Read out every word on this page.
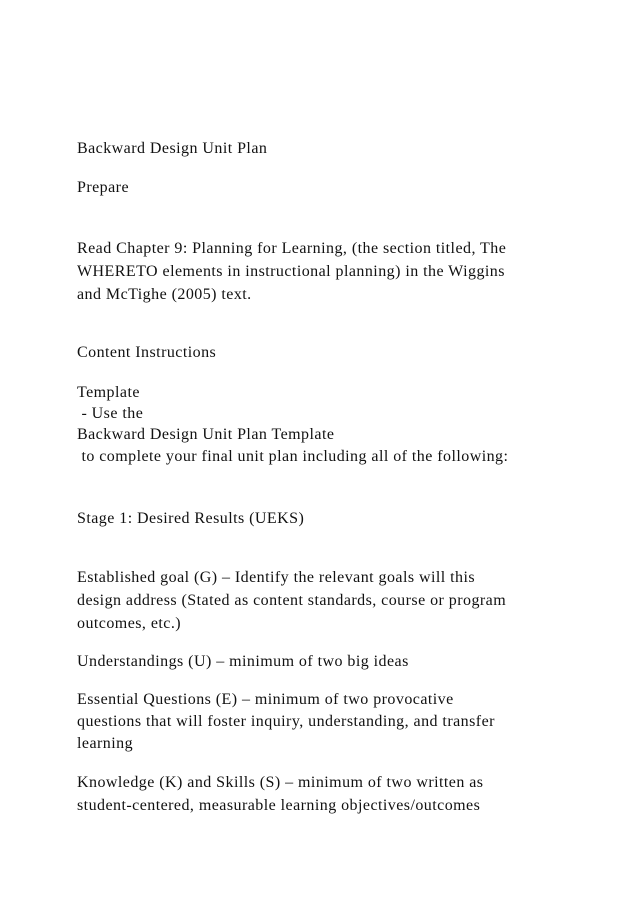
Backward Design Unit Plan
Prepare
Read Chapter 9: Planning for Learning, (the section titled, The
WHERETO elements in instructional planning) in the Wiggins
and McTighe (2005) text.
Content Instructions
Template
- Use the
Backward Design Unit Plan Template
to complete your final unit plan including all of the following:
Stage 1: Desired Results (UEKS)
Established goal (G) – Identify the relevant goals will this
design address (Stated as content standards, course or program
outcomes, etc.)
Understandings (U) – minimum of two big ideas
Essential Questions (E) – minimum of two provocative
questions that will foster inquiry, understanding, and transfer
learning
Knowledge (K) and Skills (S) – minimum of two written as
student-centered, measurable learning objectives/outcomes
